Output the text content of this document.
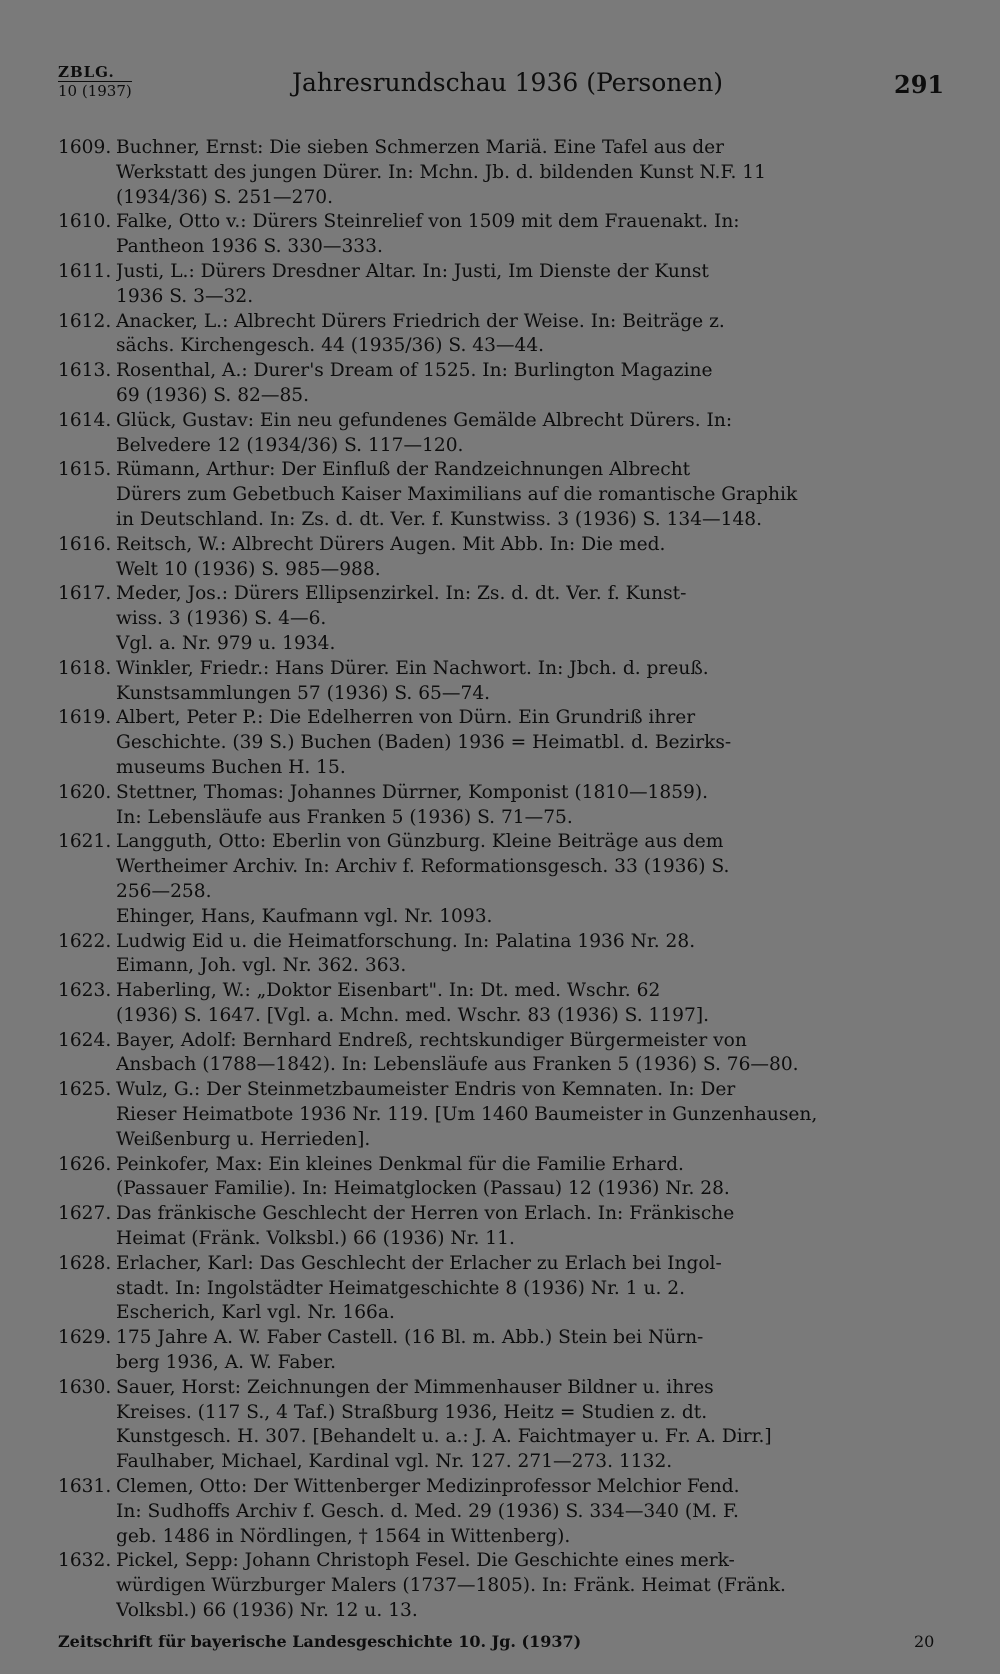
ZBLG.
10 (1937)	Jahresrundschau 1936 (Personen)	291
1609. Buchner, Ernst: Die sieben Schmerzen Mariä. Eine Tafel aus der
Werkstatt des jungen Dürer. In: Mchn. Jb. d. bildenden Kunst N.F. 11
(1934/36) S. 251—270.
1610. Falke, Otto v.: Dürers Steinrelief von 1509 mit dem Frauenakt. In:
Pantheon 1936 S. 330—333.
1611. Justi, L.: Dürers Dresdner Altar. In: Justi, Im Dienste der Kunst
1936 S. 3—32.
1612. Anacker, L.: Albrecht Dürers Friedrich der Weise. In: Beiträge z.
sächs. Kirchengesch. 44 (1935/36) S. 43—44.
1613. Rosenthal, A.: Durer's Dream of 1525. In: Burlington Magazine
69 (1936) S. 82—85.
1614. Glück, Gustav: Ein neu gefundenes Gemälde Albrecht Dürers. In:
Belvedere 12 (1934/36) S. 117—120.
1615. Rümann, Arthur: Der Einfluß der Randzeichnungen Albrecht
Dürers zum Gebetbuch Kaiser Maximilians auf die romantische Graphik
in Deutschland. In: Zs. d. dt. Ver. f. Kunstwiss. 3 (1936) S. 134—148.
1616. Reitsch, W.: Albrecht Dürers Augen. Mit Abb. In: Die med.
Welt 10 (1936) S. 985—988.
1617. Meder, Jos.: Dürers Ellipsenzirkel. In: Zs. d. dt. Ver. f. Kunst-
wiss. 3 (1936) S. 4—6.
Vgl. a. Nr. 979 u. 1934.
1618. Winkler, Friedr.: Hans Dürer. Ein Nachwort. In: Jbch. d. preuß.
Kunstsammlungen 57 (1936) S. 65—74.
1619. Albert, Peter P.: Die Edelherren von Dürn. Ein Grundriß ihrer
Geschichte. (39 S.) Buchen (Baden) 1936 = Heimatbl. d. Bezirks-
museums Buchen H. 15.
1620. Stettner, Thomas: Johannes Dürrner, Komponist (1810—1859).
In: Lebensläufe aus Franken 5 (1936) S. 71—75.
1621. Langguth, Otto: Eberlin von Günzburg. Kleine Beiträge aus dem
Wertheimer Archiv. In: Archiv f. Reformationsgesch. 33 (1936) S.
256—258.
Ehinger, Hans, Kaufmann vgl. Nr. 1093.
1622. Ludwig Eid u. die Heimatforschung. In: Palatina 1936 Nr. 28.
Eimann, Joh. vgl. Nr. 362. 363.
1623. Haberling, W.: „Doktor Eisenbart". In: Dt. med. Wschr. 62
(1936) S. 1647. [Vgl. a. Mchn. med. Wschr. 83 (1936) S. 1197].
1624. Bayer, Adolf: Bernhard Endreß, rechtskundiger Bürgermeister von
Ansbach (1788—1842). In: Lebensläufe aus Franken 5 (1936) S. 76—80.
1625. Wulz, G.: Der Steinmetzbaumeister Endris von Kemnaten. In: Der
Rieser Heimatbote 1936 Nr. 119. [Um 1460 Baumeister in Gunzenhausen,
Weißenburg u. Herrieden].
1626. Peinkofer, Max: Ein kleines Denkmal für die Familie Erhard.
(Passauer Familie). In: Heimatglocken (Passau) 12 (1936) Nr. 28.
1627. Das fränkische Geschlecht der Herren von Erlach. In: Fränkische
Heimat (Fränk. Volksbl.) 66 (1936) Nr. 11.
1628. Erlacher, Karl: Das Geschlecht der Erlacher zu Erlach bei Ingol-
stadt. In: Ingolstädter Heimatgeschichte 8 (1936) Nr. 1 u. 2.
Escherich, Karl vgl. Nr. 166a.
1629. 175 Jahre A. W. Faber Castell. (16 Bl. m. Abb.) Stein bei Nürn-
berg 1936, A. W. Faber.
1630. Sauer, Horst: Zeichnungen der Mimmenhauser Bildner u. ihres
Kreises. (117 S., 4 Taf.) Straßburg 1936, Heitz = Studien z. dt.
Kunstgesch. H. 307. [Behandelt u. a.: J. A. Faichtmayer u. Fr. A. Dirr.]
Faulhaber, Michael, Kardinal vgl. Nr. 127. 271—273. 1132.
1631. Clemen, Otto: Der Wittenberger Medizinprofessor Melchior Fend.
In: Sudhoffs Archiv f. Gesch. d. Med. 29 (1936) S. 334—340 (M. F.
geb. 1486 in Nördlingen, † 1564 in Wittenberg).
1632. Pickel, Sepp: Johann Christoph Fesel. Die Geschichte eines merk-
würdigen Würzburger Malers (1737—1805). In: Fränk. Heimat (Fränk.
Volksbl.) 66 (1936) Nr. 12 u. 13.
Zeitschrift für bayerische Landesgeschichte 10. Jg. (1937)	20
